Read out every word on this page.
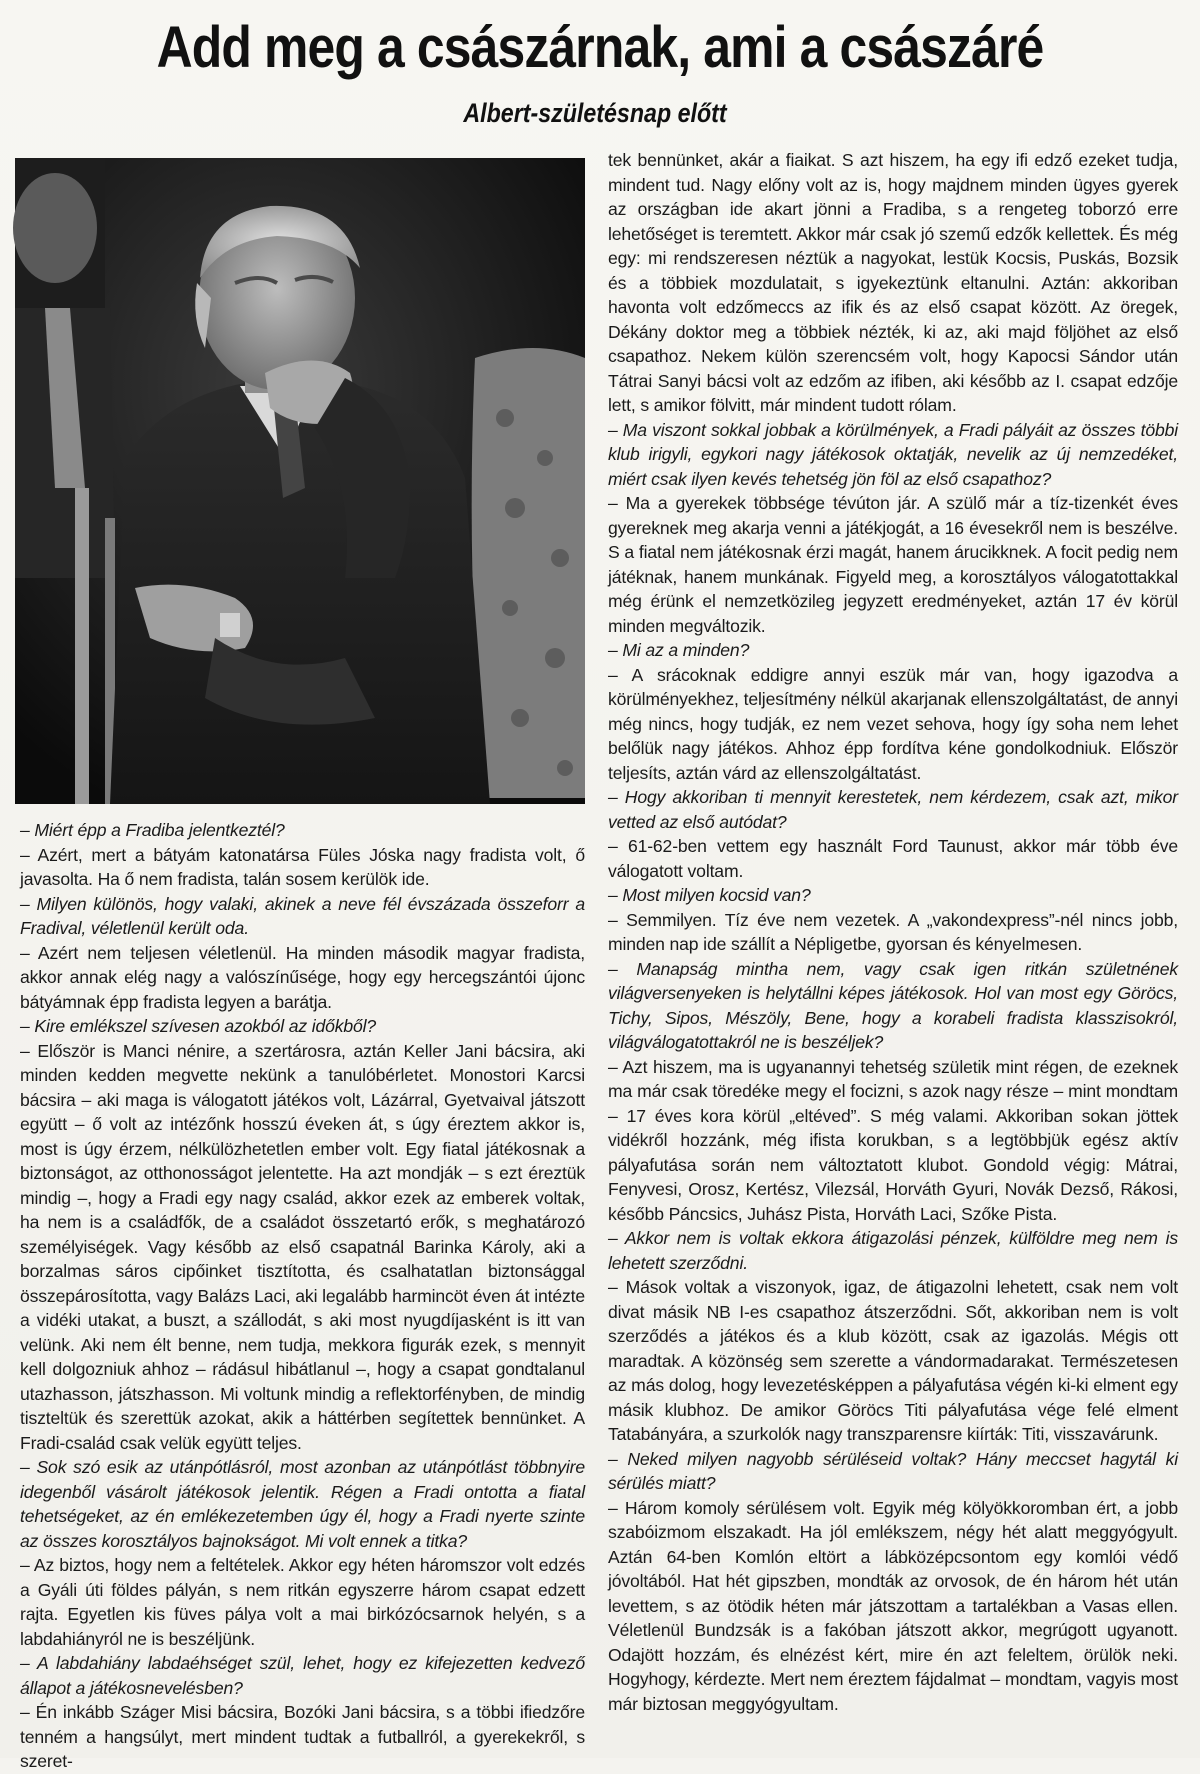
Add meg a császárnak, ami a császáré
Albert-születésnap előtt

– Miért épp a Fradiba jelentkeztél?

– Azért, mert a bátyám katonatársa Füles Jóska nagy fradista volt, ő javasolta. Ha ő nem fradista, talán sosem kerülök ide.

– Milyen különös, hogy valaki, akinek a neve fél évszázada összeforr a Fradival, véletlenül került oda.

– Azért nem teljesen véletlenül. Ha minden második magyar fradista, akkor annak elég nagy a valószínűsége, hogy egy hercegszántói újonc bátyámnak épp fradista legyen a barátja.

– Kire emlékszel szívesen azokból az időkből?

– Először is Manci nénire, a szertárosra, aztán Keller Jani bácsira, aki minden kedden megvette nekünk a tanulóbérletet. Monostori Karcsi bácsira – aki maga is válogatott játékos volt, Lázárral, Gyetvaival játszott együtt – ő volt az intézőnk hosszú éveken át, s úgy éreztem akkor is, most is úgy érzem, nélkülözhetetlen ember volt. Egy fiatal játékosnak a biztonságot, az otthonosságot jelentette. Ha azt mondják – s ezt éreztük mindig –, hogy a Fradi egy nagy család, akkor ezek az emberek voltak, ha nem is a családfők, de a családot összetartó erők, s meghatározó személyiségek. Vagy később az első csapatnál Barinka Károly, aki a borzalmas sáros cipőinket tisztította, és csalhatatlan biztonsággal összepárosította, vagy Balázs Laci, aki legalább harmincöt éven át intézte a vidéki utakat, a buszt, a szállodát, s aki most nyugdíjasként is itt van velünk. Aki nem élt benne, nem tudja, mekkora figurák ezek, s mennyit kell dolgozniuk ahhoz – rádásul hibátlanul –, hogy a csapat gondtalanul utazhasson, játszhasson. Mi voltunk mindig a reflektorfényben, de mindig tiszteltük és szerettük azokat, akik a háttérben segítettek bennünket. A Fradi-család csak velük együtt teljes.

– Sok szó esik az utánpótlásról, most azonban az utánpótlást többnyire idegenből vásárolt játékosok jelentik. Régen a Fradi ontotta a fiatal tehetségeket, az én emlékezetemben úgy él, hogy a Fradi nyerte szinte az összes korosztályos bajnokságot. Mi volt ennek a titka?

– Az biztos, hogy nem a feltételek. Akkor egy héten háromszor volt edzés a Gyáli úti földes pályán, s nem ritkán egyszerre három csapat edzett rajta. Egyetlen kis füves pálya volt a mai birkózócsarnok helyén, s a labdahiányról ne is beszéljünk.

– A labdahiány labdaéhséget szül, lehet, hogy ez kifejezetten kedvező állapot a játékosnevelésben?

– Én inkább Száger Misi bácsira, Bozóki Jani bácsira, s a többi ifiedzőre tenném a hangsúlyt, mert mindent tudtak a futballról, a gyerekekről, s szeret-

tek bennünket, akár a fiaikat. S azt hiszem, ha egy ifi edző ezeket tudja, mindent tud. Nagy előny volt az is, hogy majdnem minden ügyes gyerek az országban ide akart jönni a Fradiba, s a rengeteg toborzó erre lehetőséget is teremtett. Akkor már csak jó szemű edzők kellettek. És még egy: mi rendszeresen néztük a nagyokat, lestük Kocsis, Puskás, Bozsik és a többiek mozdulatait, s igyekeztünk eltanulni. Aztán: akkoriban havonta volt edzőmeccs az ifik és az első csapat között. Az öregek, Dékány doktor meg a többiek nézték, ki az, aki majd följöhet az első csapathoz. Nekem külön szerencsém volt, hogy Kapocsi Sándor után Tátrai Sanyi bácsi volt az edzőm az ifiben, aki később az I. csapat edzője lett, s amikor fölvitt, már mindent tudott rólam.

– Ma viszont sokkal jobbak a körülmények, a Fradi pályáit az összes többi klub irigyli, egykori nagy játékosok oktatják, nevelik az új nemzedéket, miért csak ilyen kevés tehetség jön föl az első csapathoz?

– Ma a gyerekek többsége tévúton jár. A szülő már a tíz-tizenkét éves gyereknek meg akarja venni a játékjogát, a 16 évesekről nem is beszélve. S a fiatal nem játékosnak érzi magát, hanem árucikknek. A focit pedig nem játéknak, hanem munkának. Figyeld meg, a korosztályos válogatottakkal még érünk el nemzetközileg jegyzett eredményeket, aztán 17 év körül minden megváltozik.

– Mi az a minden?

– A srácoknak eddigre annyi eszük már van, hogy igazodva a körülményekhez, teljesítmény nélkül akarjanak ellenszolgáltatást, de annyi még nincs, hogy tudják, ez nem vezet sehova, hogy így soha nem lehet belőlük nagy játékos. Ahhoz épp fordítva kéne gondolkodniuk. Először teljesíts, aztán várd az ellenszolgáltatást.

– Hogy akkoriban ti mennyit kerestetek, nem kérdezem, csak azt, mikor vetted az első autódat?

– 61-62-ben vettem egy használt Ford Taunust, akkor már több éve válogatott voltam.

– Most milyen kocsid van?

– Semmilyen. Tíz éve nem vezetek. A „vakondexpress”-nél nincs jobb, minden nap ide szállít a Népligetbe, gyorsan és kényelmesen.

– Manapság mintha nem, vagy csak igen ritkán születnének világversenyeken is helytállni képes játékosok. Hol van most egy Göröcs, Tichy, Sipos, Mészöly, Bene, hogy a korabeli fradista klasszisokról, világválogatottakról ne is beszéljek?

– Azt hiszem, ma is ugyanannyi tehetség születik mint régen, de ezeknek ma már csak töredéke megy el focizni, s azok nagy része – mint mondtam – 17 éves kora körül „eltéved”. S még valami. Akkoriban sokan jöttek vidékről hozzánk, még ifista korukban, s a legtöbbjük egész aktív pályafutása során nem változtatott klubot. Gondold végig: Mátrai, Fenyvesi, Orosz, Kertész, Vilezsál, Horváth Gyuri, Novák Dezső, Rákosi, később Páncsics, Juhász Pista, Horváth Laci, Szőke Pista.

– Akkor nem is voltak ekkora átigazolási pénzek, külföldre meg nem is lehetett szerződni.

– Mások voltak a viszonyok, igaz, de átigazolni lehetett, csak nem volt divat másik NB I-es csapathoz átszerződni. Sőt, akkoriban nem is volt szerződés a játékos és a klub között, csak az igazolás. Mégis ott maradtak. A közönség sem szerette a vándormadarakat. Természetesen az más dolog, hogy levezetésképpen a pályafutása végén ki-ki elment egy másik klubhoz. De amikor Göröcs Titi pályafutása vége felé elment Tatabányára, a szurkolók nagy transzparensre kiírták: Titi, visszavárunk.

– Neked milyen nagyobb sérüléseid voltak? Hány meccset hagytál ki sérülés miatt?

– Három komoly sérülésem volt. Egyik még kölyökkoromban ért, a jobb szabóizmom elszakadt. Ha jól emlékszem, négy hét alatt meggyógyult. Aztán 64-ben Komlón eltört a lábközépcsontom egy komlói védő jóvoltából. Hat hét gipszben, mondták az orvosok, de én három hét után levettem, s az ötödik héten már játszottam a tartalékban a Vasas ellen. Véletlenül Bundzsák is a fakóban játszott akkor, megrúgott ugyanott. Odajött hozzám, és elnézést kért, mire én azt feleltem, örülök neki. Hogyhogy, kérdezte. Mert nem éreztem fájdalmat – mondtam, vagyis most már biztosan meggyógyultam.
